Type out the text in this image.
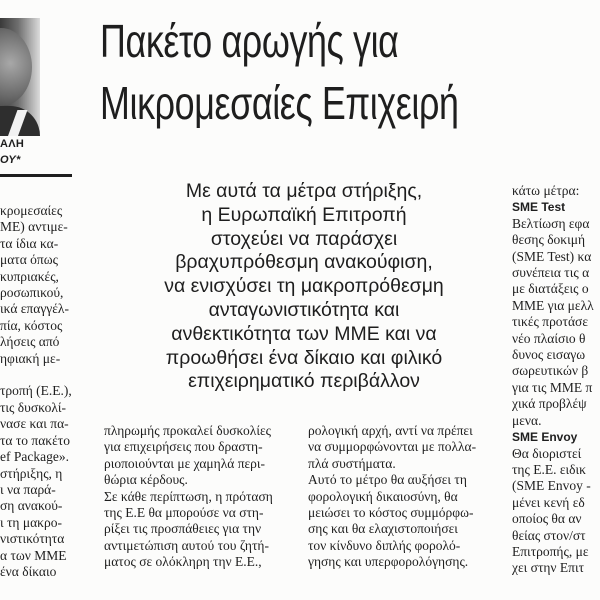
ΑΛΗ
ΟΥ*
Πακέτο αρωγής για
Μικρομεσαίες Επιχειρή
Με αυτά τα μέτρα στήριξης,
η Ευρωπαϊκή Επιτροπή
στοχεύει να παράσχει
βραχυπρόθεσμη ανακούφιση,
να ενισχύσει τη μακροπρόθεσμη
ανταγωνιστικότητα και
ανθεκτικότητα των ΜΜΕ και να
προωθήσει ένα δίκαιο και φιλικό
επιχειρηματικό περιβάλλον
κρομεσαίες
ΜΕ) αντιμε-
τα ίδια κα-
ματα όπως
κυπριακές,
ροσωπικού,
ικά επαγγέλ-
πία, κόστος
λήσεις από
ηφιακή με-

τροπή (Ε.Ε.),
τις δυσκολί-
νασε και πα-
τα το πακέτο
ef Package».
στήριξης, η
ι να παρά-
ση ανακού-
ι τη μακρο-
νιστικότητα
α των ΜΜΕ
ένα δίκαιο
πληρωμής προκαλεί δυσκολίες
για επιχειρήσεις που δραστη-
ριοποιούνται με χαμηλά περι-
θώρια κέρδους.
Σε κάθε περίπτωση, η πρόταση
της Ε.Ε θα μπορούσε να στη-
ρίξει τις προσπάθειες για την
αντιμετώπιση αυτού του ζητή-
ματος σε ολόκληρη την Ε.Ε.,
ρολογική αρχή, αντί να πρέπει
να συμμορφώνονται με πολλα-
πλά συστήματα.
Αυτό το μέτρο θα αυξήσει τη
φορολογική δικαιοσύνη, θα
μειώσει το κόστος συμμόρφω-
σης και θα ελαχιστοποιήσει
τον κίνδυνο διπλής φορολό-
γησης και υπερφορολόγησης.
κάτω μέτρα:
SME Test
Βελτίωση εφα
θεσης δοκιμή
(SME Test) κα
συνέπεια τις α
με διατάξεις ο
ΜΜΕ για μελλ
τικές προτάσε
νέο πλαίσιο θ
δυνος εισαγω
σωρευτικών β
για τις ΜΜΕ π
χικά προβλέψ
μενα.
SME Envoy
Θα διοριστεί
της Ε.Ε. ειδικ
(SME Envoy -
μένει κενή εδ
οποίος θα αν
θείας στον/στ
Επιτροπής, με
χει στην Επιτ
